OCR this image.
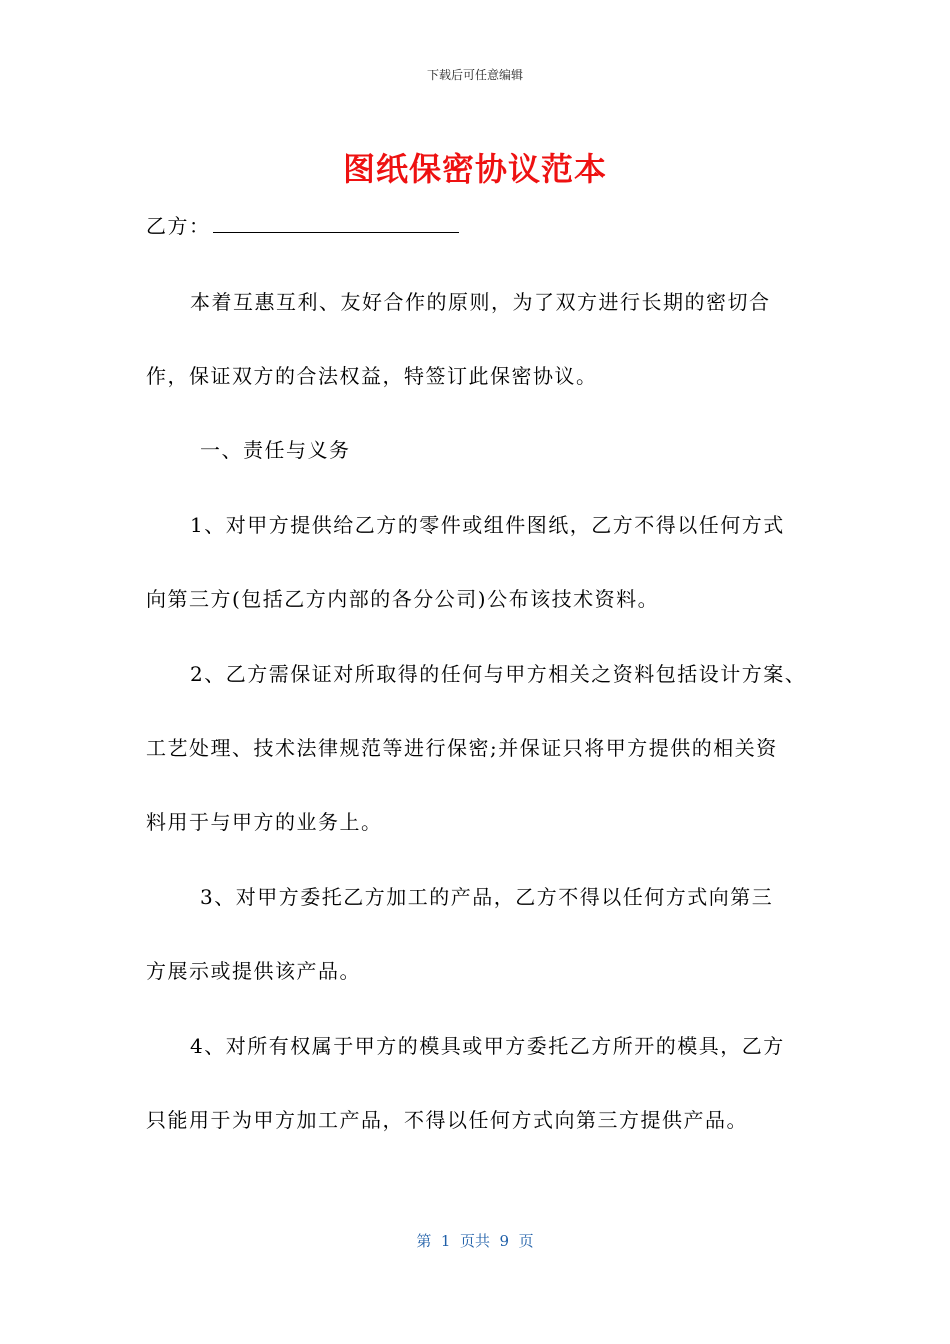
下载后可任意编辑
图纸保密协议范本
乙方：
本着互惠互利、友好合作的原则，为了双方进行长期的密切合
作，保证双方的合法权益，特签订此保密协议。
一、责任与义务
1、对甲方提供给乙方的零件或组件图纸，乙方不得以任何方式
向第三方(包括乙方内部的各分公司)公布该技术资料。
2、乙方需保证对所取得的任何与甲方相关之资料包括设计方案、
工艺处理、技术法律规范等进行保密;并保证只将甲方提供的相关资
料用于与甲方的业务上。
3、对甲方委托乙方加工的产品，乙方不得以任何方式向第三
方展示或提供该产品。
4、对所有权属于甲方的模具或甲方委托乙方所开的模具，乙方
只能用于为甲方加工产品，不得以任何方式向第三方提供产品。
第  1  页共  9  页
